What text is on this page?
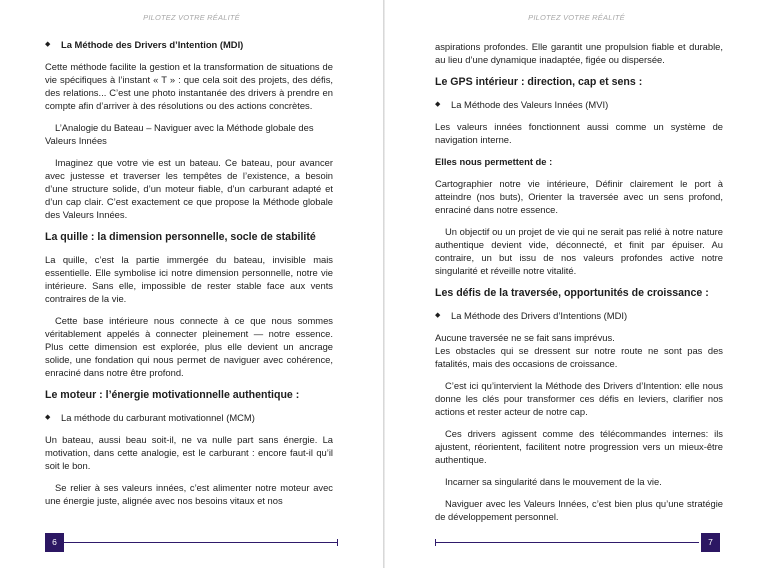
PILOTEZ VOTRE RÉALITÉ
◆	La Méthode des Drivers d’Intention (MDI)

Cette méthode facilite la gestion et la transformation de situations de vie spécifiques à l’instant « T » : que cela soit des projets, des défis, des relations... C’est une photo instantanée des drivers à prendre en compte afin d’arriver à des résolutions ou des actions concrètes.

L’Analogie du Bateau – Naviguer avec la Méthode globale des Valeurs Innées

Imaginez que votre vie est un bateau. Ce bateau, pour avancer avec justesse et traverser les tempêtes de l’existence, a besoin d’une structure solide, d’un moteur fiable, d’un carburant adapté et d’un cap clair. C’est exactement ce que propose la Méthode globale des Valeurs Innées.

La quille : la dimension personnelle, socle de stabilité

La quille, c’est la partie immergée du bateau, invisible mais essentielle. Elle symbolise ici notre dimension personnelle, notre vie intérieure. Sans elle, impossible de rester stable face aux vents contraires de la vie.

Cette base intérieure nous connecte à ce que nous sommes véritablement appelés à connecter pleinement — notre essence. Plus cette dimension est explorée, plus elle devient un ancrage solide, une fondation qui nous permet de naviguer avec cohérence, enraciné dans notre être profond.

Le moteur : l’énergie motivationnelle authentique :
◆	La méthode du carburant motivationnel (MCM)

Un bateau, aussi beau soit-il, ne va nulle part sans énergie. La motivation, dans cette analogie, est le carburant : encore faut-il qu’il soit le bon.

Se relier à ses valeurs innées, c’est alimenter notre moteur avec une énergie juste, alignée avec nos besoins vitaux et nos

6
PILOTEZ VOTRE RÉALITÉ

aspirations profondes. Elle garantit une propulsion fiable et durable, au lieu d’une dynamique inadaptée, figée ou dispersée.

Le GPS intérieur : direction, cap et sens :
◆	La Méthode des Valeurs Innées (MVI)

Les valeurs innées fonctionnent aussi comme un système de navigation interne.

Elles nous permettent de :

Cartographier notre vie intérieure, Définir clairement le port à atteindre (nos buts), Orienter la traversée avec un sens profond, enraciné dans notre essence.

Un objectif ou un projet de vie qui ne serait pas relié à notre nature authentique devient vide, déconnecté, et finit par épuiser. Au contraire, un but issu de nos valeurs profondes active notre singularité et réveille notre vitalité.

Les défis de la traversée, opportunités de croissance :
◆	La Méthode des Drivers d’Intentions (MDI)

Aucune traversée ne se fait sans imprévus.

Les obstacles qui se dressent sur notre route ne sont pas des fatalités, mais des occasions de croissance.

C’est ici qu’intervient la Méthode des Drivers d’Intention: elle nous donne les clés pour transformer ces défis en leviers, clarifier nos actions et rester acteur de notre cap.

Ces drivers agissent comme des télécommandes internes: ils ajustent, réorientent, facilitent notre progression vers un mieux-être authentique.

Incarner sa singularité dans le mouvement de la vie.

Naviguer avec les Valeurs Innées, c’est bien plus qu’une stratégie de développement personnel.

7
